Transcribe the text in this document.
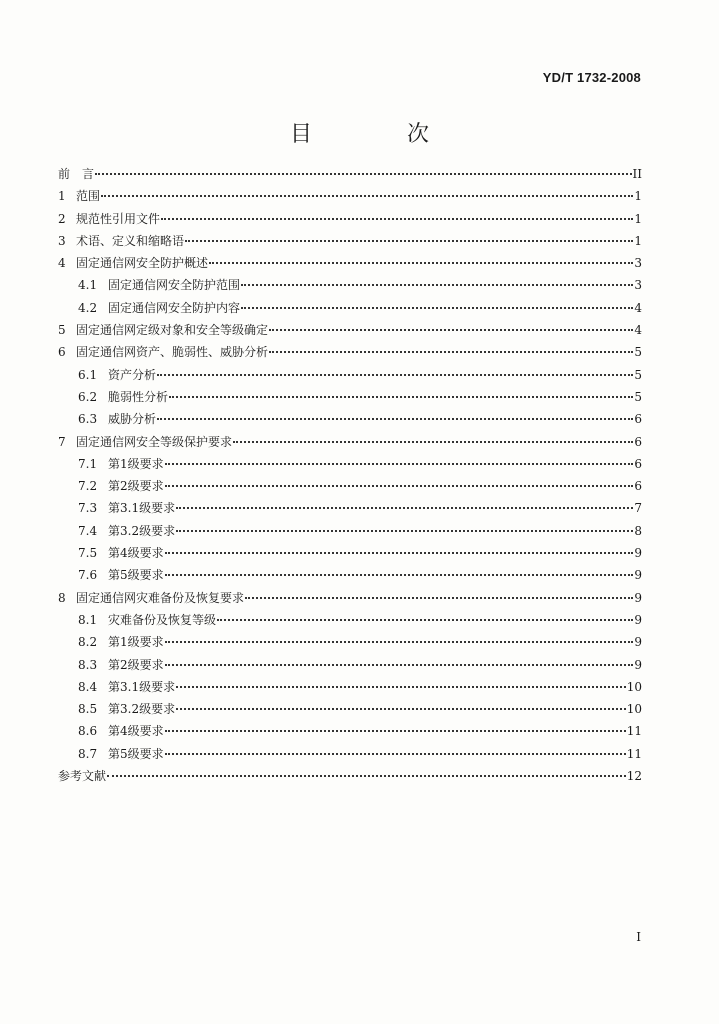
YD/T 1732-2008
目 次
前　言	II
1 范围	1
2 规范性引用文件	1
3 术语、定义和缩略语	1
4 固定通信网安全防护概述	3
4.1 固定通信网安全防护范围	3
4.2 固定通信网安全防护内容	4
5 固定通信网定级对象和安全等级确定	4
6 固定通信网资产、脆弱性、威胁分析	5
6.1 资产分析	5
6.2 脆弱性分析	5
6.3 威胁分析	6
7 固定通信网安全等级保护要求	6
7.1 第1级要求	6
7.2 第2级要求	6
7.3 第3.1级要求	7
7.4 第3.2级要求	8
7.5 第4级要求	9
7.6 第5级要求	9
8 固定通信网灾难备份及恢复要求	9
8.1 灾难备份及恢复等级	9
8.2 第1级要求	9
8.3 第2级要求	9
8.4 第3.1级要求	10
8.5 第3.2级要求	10
8.6 第4级要求	11
8.7 第5级要求	11
参考文献	12
I
